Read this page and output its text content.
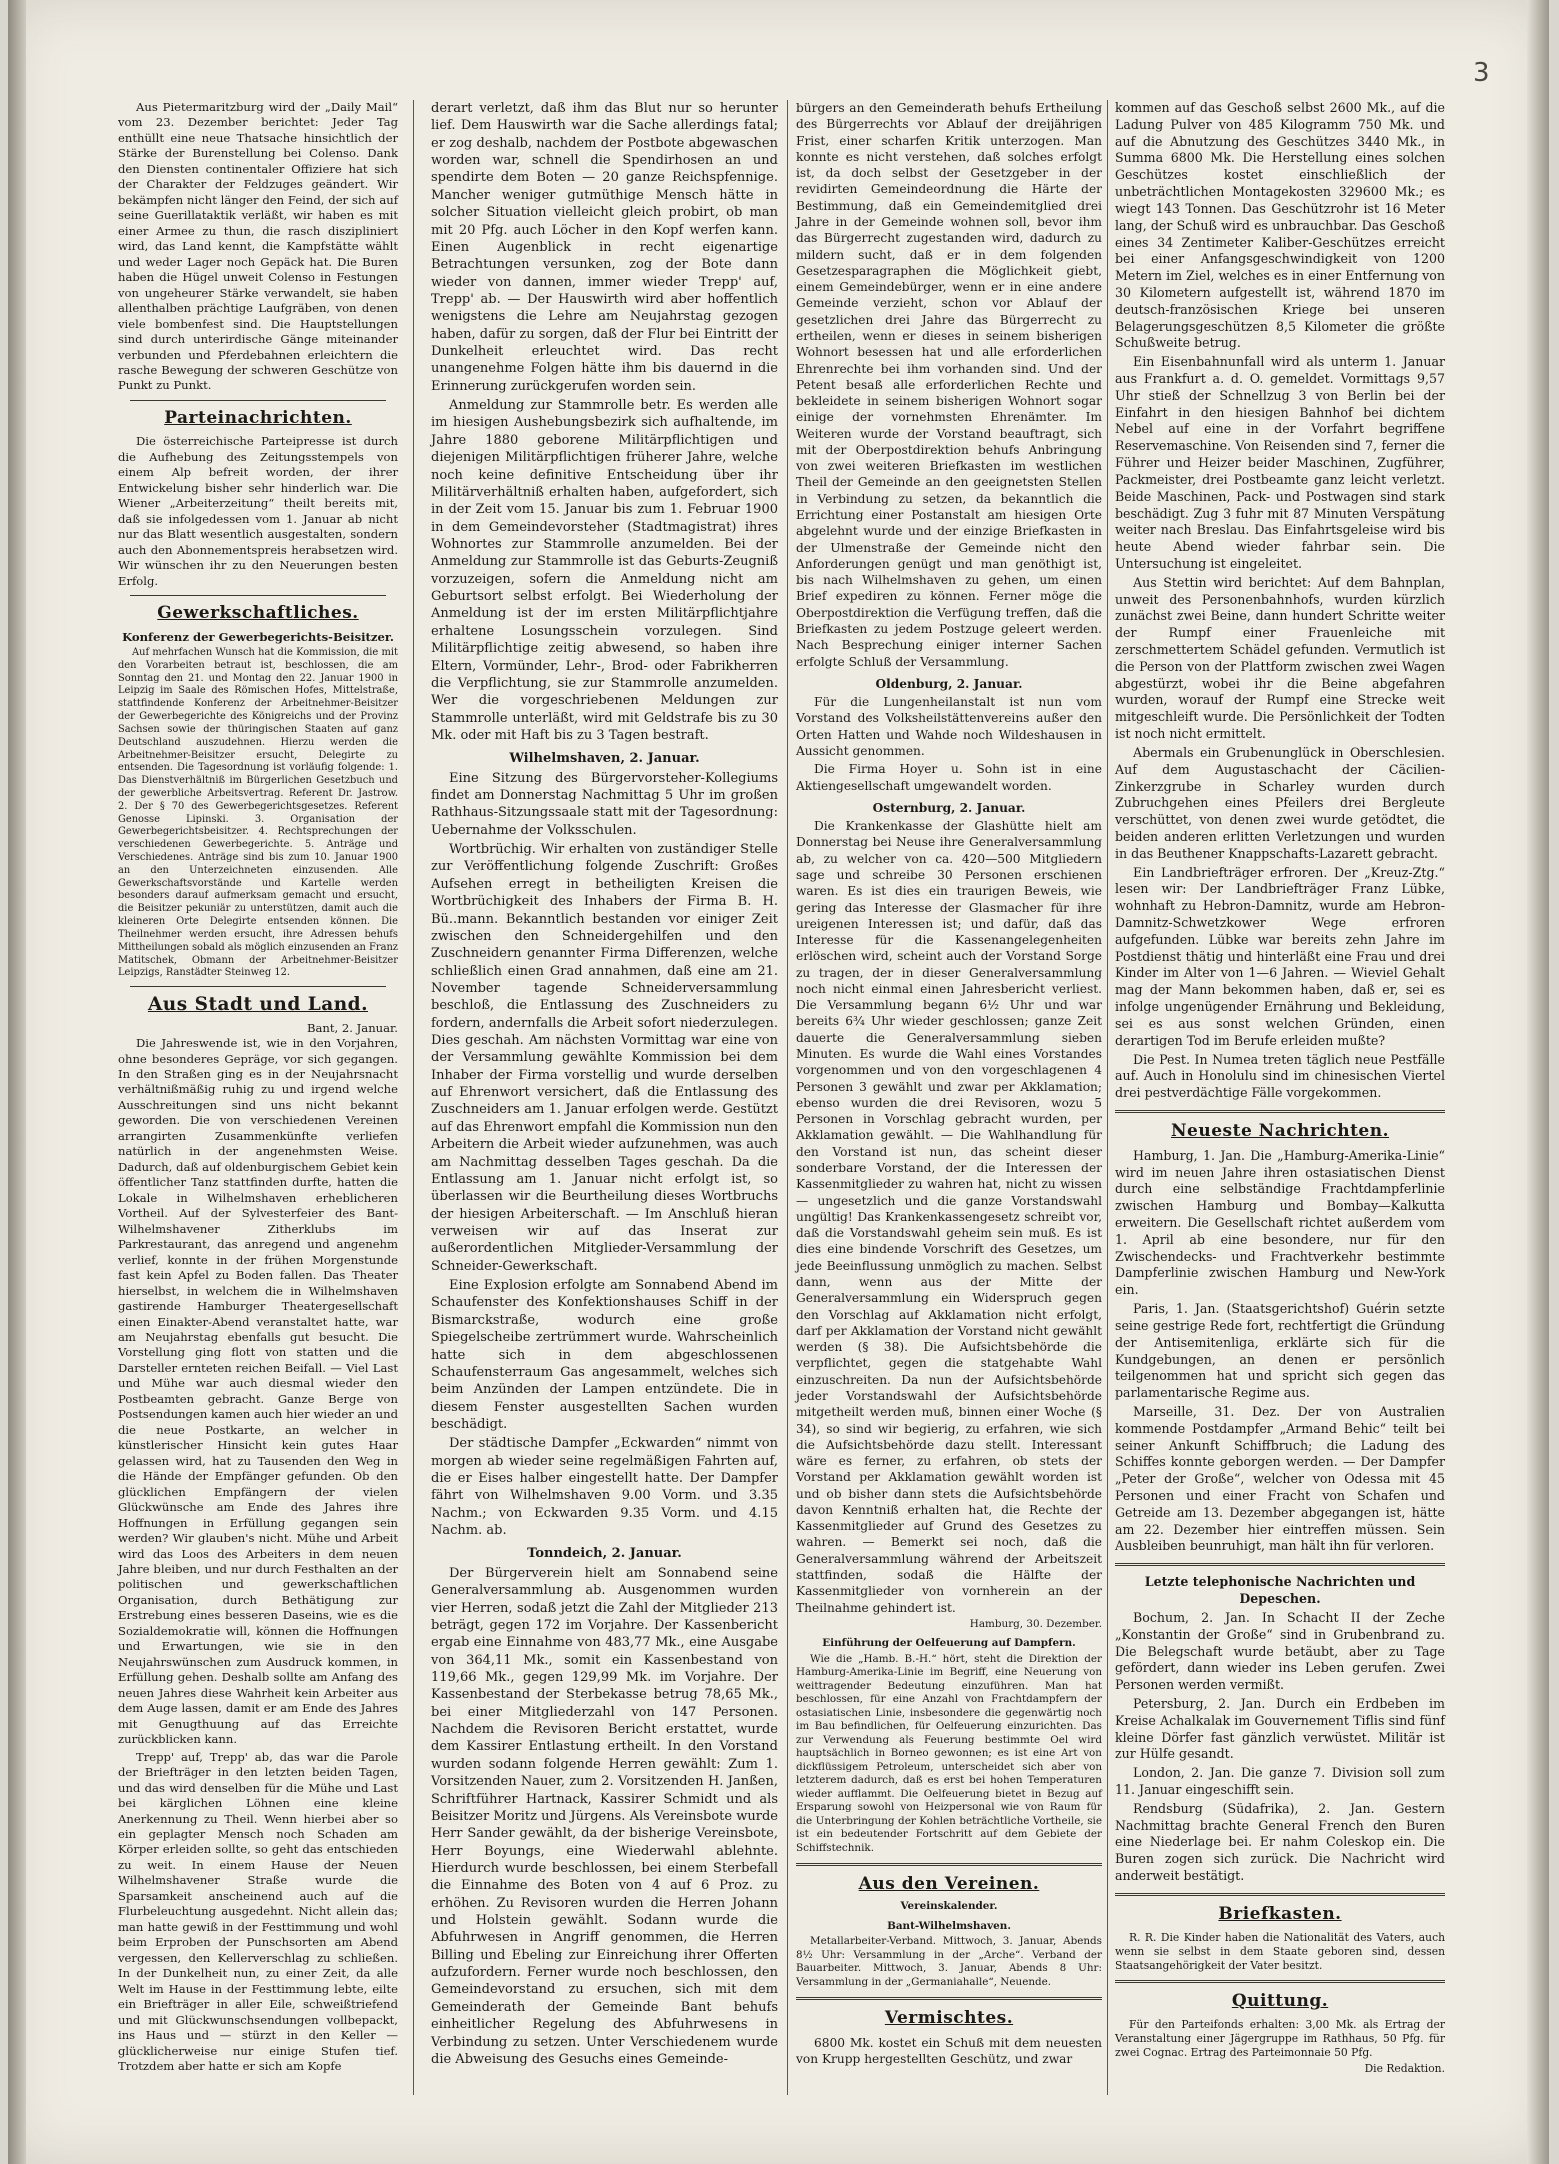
3

Aus Pietermaritzburg wird der „Daily Mail“ vom 23. Dezember berichtet: Jeder Tag enthüllt eine neue Thatsache hinsichtlich der Stärke der Burenstellung bei Colenso. Dank den Diensten continentaler Offiziere hat sich der Charakter der Feldzuges geändert. Wir bekämpfen nicht länger den Feind, der sich auf seine Guerillataktik verläßt, wir haben es mit einer Armee zu thun, die rasch diszipliniert wird, das Land kennt, die Kampfstätte wählt und weder Lager noch Gepäck hat. Die Buren haben die Hügel unweit Colenso in Festungen von ungeheurer Stärke verwandelt, sie haben allenthalben prächtige Laufgräben, von denen viele bombenfest sind. Die Hauptstellungen sind durch unterirdische Gänge miteinander verbunden und Pferdebahnen erleichtern die rasche Bewegung der schweren Geschütze von Punkt zu Punkt.

Parteinachrichten.

Die österreichische Parteipresse ist durch die Aufhebung des Zeitungsstempels von einem Alp befreit worden, der ihrer Entwickelung bisher sehr hinderlich war. Die Wiener „Arbeiterzeitung“ theilt bereits mit, daß sie infolgedessen vom 1. Januar ab nicht nur das Blatt wesentlich ausgestalten, sondern auch den Abonnementspreis herabsetzen wird. Wir wünschen ihr zu den Neuerungen besten Erfolg.

Gewerkschaftliches.
Konferenz der Gewerbegerichts-Beisitzer.

Auf mehrfachen Wunsch hat die Kommission, die mit den Vorarbeiten betraut ist, beschlossen, die am Sonntag den 21. und Montag den 22. Januar 1900 in Leipzig im Saale des Römischen Hofes, Mittelstraße, stattfindende Konferenz der Arbeitnehmer-Beisitzer der Gewerbegerichte des Königreichs und der Provinz Sachsen sowie der thüringischen Staaten auf ganz Deutschland auszudehnen. Hierzu werden die Arbeitnehmer-Beisitzer ersucht, Delegirte zu entsenden. Die Tagesordnung ist vorläufig folgende: 1. Das Dienstverhältniß im Bürgerlichen Gesetzbuch und der gewerbliche Arbeitsvertrag. Referent Dr. Jastrow. 2. Der § 70 des Gewerbegerichtsgesetzes. Referent Genosse Lipinski. 3. Organisation der Gewerbegerichtsbeisitzer. 4. Rechtsprechungen der verschiedenen Gewerbegerichte. 5. Anträge und Verschiedenes. Anträge sind bis zum 10. Januar 1900 an den Unterzeichneten einzusenden. Alle Gewerkschaftsvorstände und Kartelle werden besonders darauf aufmerksam gemacht und ersucht, die Beisitzer pekuniär zu unterstützen, damit auch die kleineren Orte Delegirte entsenden können. Die Theilnehmer werden ersucht, ihre Adressen behufs Mittheilungen sobald als möglich einzusenden an Franz Matitschek, Obmann der Arbeitnehmer-Beisitzer Leipzigs, Ranstädter Steinweg 12.

Aus Stadt und Land.
Bant, 2. Januar.

Die Jahreswende ist, wie in den Vorjahren, ohne besonderes Gepräge, vor sich gegangen. In den Straßen ging es in der Neujahrsnacht verhältnißmäßig ruhig zu und irgend welche Ausschreitungen sind uns nicht bekannt geworden. Die von verschiedenen Vereinen arrangirten Zusammenkünfte verliefen natürlich in der angenehmsten Weise. Dadurch, daß auf oldenburgischem Gebiet kein öffentlicher Tanz stattfinden durfte, hatten die Lokale in Wilhelmshaven erheblicheren Vortheil. Auf der Sylvesterfeier des Bant-Wilhelmshavener Zitherklubs im Parkrestaurant, das anregend und angenehm verlief, konnte in der frühen Morgenstunde fast kein Apfel zu Boden fallen. Das Theater hierselbst, in welchem die in Wilhelmshaven gastirende Hamburger Theatergesellschaft einen Einakter-Abend veranstaltet hatte, war am Neujahrstag ebenfalls gut besucht. Die Vorstellung ging flott von statten und die Darsteller ernteten reichen Beifall. — Viel Last und Mühe war auch diesmal wieder den Postbeamten gebracht. Ganze Berge von Postsendungen kamen auch hier wieder an und die neue Postkarte, an welcher in künstlerischer Hinsicht kein gutes Haar gelassen wird, hat zu Tausenden den Weg in die Hände der Empfänger gefunden. Ob den glücklichen Empfängern der vielen Glückwünsche am Ende des Jahres ihre Hoffnungen in Erfüllung gegangen sein werden? Wir glauben's nicht. Mühe und Arbeit wird das Loos des Arbeiters in dem neuen Jahre bleiben, und nur durch Festhalten an der politischen und gewerkschaftlichen Organisation, durch Bethätigung zur Erstrebung eines besseren Daseins, wie es die Sozialdemokratie will, können die Hoffnungen und Erwartungen, wie sie in den Neujahrswünschen zum Ausdruck kommen, in Erfüllung gehen. Deshalb sollte am Anfang des neuen Jahres diese Wahrheit kein Arbeiter aus dem Auge lassen, damit er am Ende des Jahres mit Genugthuung auf das Erreichte zurückblicken kann.

Trepp' auf, Trepp' ab, das war die Parole der Briefträger in den letzten beiden Tagen, und das wird denselben für die Mühe und Last bei kärglichen Löhnen eine kleine Anerkennung zu Theil. Wenn hierbei aber so ein geplagter Mensch noch Schaden am Körper erleiden sollte, so geht das entschieden zu weit. In einem Hause der Neuen Wilhelmshavener Straße wurde die Sparsamkeit anscheinend auch auf die Flurbeleuchtung ausgedehnt. Nicht allein das; man hatte gewiß in der Festtimmung und wohl beim Erproben der Punschsorten am Abend vergessen, den Kellerverschlag zu schließen. In der Dunkelheit nun, zu einer Zeit, da alle Welt im Hause in der Festtimmung lebte, eilte ein Briefträger in aller Eile, schweißtriefend und mit Glückwunschsendungen vollbepackt, ins Haus und — stürzt in den Keller — glücklicherweise nur einige Stufen tief. Trotzdem aber hatte er sich am Kopfe

derart verletzt, daß ihm das Blut nur so herunter lief. Dem Hauswirth war die Sache allerdings fatal; er zog deshalb, nachdem der Postbote abgewaschen worden war, schnell die Spendirhosen an und spendirte dem Boten — 20 ganze Reichspfennige. Mancher weniger gutmüthige Mensch hätte in solcher Situation vielleicht gleich probirt, ob man mit 20 Pfg. auch Löcher in den Kopf werfen kann. Einen Augenblick in recht eigenartige Betrachtungen versunken, zog der Bote dann wieder von dannen, immer wieder Trepp' auf, Trepp' ab. — Der Hauswirth wird aber hoffentlich wenigstens die Lehre am Neujahrstag gezogen haben, dafür zu sorgen, daß der Flur bei Eintritt der Dunkelheit erleuchtet wird. Das recht unangenehme Folgen hätte ihm bis dauernd in die Erinnerung zurückgerufen worden sein.

Anmeldung zur Stammrolle betr. Es werden alle im hiesigen Aushebungsbezirk sich aufhaltende, im Jahre 1880 geborene Militärpflichtigen und diejenigen Militärpflichtigen früherer Jahre, welche noch keine definitive Entscheidung über ihr Militärverhältniß erhalten haben, aufgefordert, sich in der Zeit vom 15. Januar bis zum 1. Februar 1900 in dem Gemeindevorsteher (Stadtmagistrat) ihres Wohnortes zur Stammrolle anzumelden. Bei der Anmeldung zur Stammrolle ist das Geburts-Zeugniß vorzuzeigen, sofern die Anmeldung nicht am Geburtsort selbst erfolgt. Bei Wiederholung der Anmeldung ist der im ersten Militärpflichtjahre erhaltene Losungsschein vorzulegen. Sind Militärpflichtige zeitig abwesend, so haben ihre Eltern, Vormünder, Lehr-, Brod- oder Fabrikherren die Verpflichtung, sie zur Stammrolle anzumelden. Wer die vorgeschriebenen Meldungen zur Stammrolle unterläßt, wird mit Geldstrafe bis zu 30 Mk. oder mit Haft bis zu 3 Tagen bestraft.

Wilhelmshaven, 2. Januar.

Eine Sitzung des Bürgervorsteher-Kollegiums findet am Donnerstag Nachmittag 5 Uhr im großen Rathhaus-Sitzungssaale statt mit der Tagesordnung: Uebernahme der Volksschulen.

Wortbrüchig. Wir erhalten von zuständiger Stelle zur Veröffentlichung folgende Zuschrift: Großes Aufsehen erregt in betheiligten Kreisen die Wortbrüchigkeit des Inhabers der Firma B. H. Bü..mann. Bekanntlich bestanden vor einiger Zeit zwischen den Schneidergehilfen und den Zuschneidern genannter Firma Differenzen, welche schließlich einen Grad annahmen, daß eine am 21. November tagende Schneiderversammlung beschloß, die Entlassung des Zuschneiders zu fordern, andernfalls die Arbeit sofort niederzulegen. Dies geschah. Am nächsten Vormittag war eine von der Versammlung gewählte Kommission bei dem Inhaber der Firma vorstellig und wurde derselben auf Ehrenwort versichert, daß die Entlassung des Zuschneiders am 1. Januar erfolgen werde. Gestützt auf das Ehrenwort empfahl die Kommission nun den Arbeitern die Arbeit wieder aufzunehmen, was auch am Nachmittag desselben Tages geschah. Da die Entlassung am 1. Januar nicht erfolgt ist, so überlassen wir die Beurtheilung dieses Wortbruchs der hiesigen Arbeiterschaft. — Im Anschluß hieran verweisen wir auf das Inserat zur außerordentlichen Mitglieder-Versammlung der Schneider-Gewerkschaft.

Eine Explosion erfolgte am Sonnabend Abend im Schaufenster des Konfektionshauses Schiff in der Bismarckstraße, wodurch eine große Spiegelscheibe zertrümmert wurde. Wahrscheinlich hatte sich in dem abgeschlossenen Schaufensterraum Gas angesammelt, welches sich beim Anzünden der Lampen entzündete. Die in diesem Fenster ausgestellten Sachen wurden beschädigt.

Der städtische Dampfer „Eckwarden“ nimmt von morgen ab wieder seine regelmäßigen Fahrten auf, die er Eises halber eingestellt hatte. Der Dampfer fährt von Wilhelmshaven 9.00 Vorm. und 3.35 Nachm.; von Eckwarden 9.35 Vorm. und 4.15 Nachm. ab.

Tonndeich, 2. Januar.

Der Bürgerverein hielt am Sonnabend seine Generalversammlung ab. Ausgenommen wurden vier Herren, sodaß jetzt die Zahl der Mitglieder 213 beträgt, gegen 172 im Vorjahre. Der Kassenbericht ergab eine Einnahme von 483,77 Mk., eine Ausgabe von 364,11 Mk., somit ein Kassenbestand von 119,66 Mk., gegen 129,99 Mk. im Vorjahre. Der Kassenbestand der Sterbekasse betrug 78,65 Mk., bei einer Mitgliederzahl von 147 Personen. Nachdem die Revisoren Bericht erstattet, wurde dem Kassirer Entlastung ertheilt. In den Vorstand wurden sodann folgende Herren gewählt: Zum 1. Vorsitzenden Nauer, zum 2. Vorsitzenden H. Janßen, Schriftführer Hartnack, Kassirer Schmidt und als Beisitzer Moritz und Jürgens. Als Vereinsbote wurde Herr Sander gewählt, da der bisherige Vereinsbote, Herr Boyungs, eine Wiederwahl ablehnte. Hierdurch wurde beschlossen, bei einem Sterbefall die Einnahme des Boten von 4 auf 6 Proz. zu erhöhen. Zu Revisoren wurden die Herren Johann und Holstein gewählt. Sodann wurde die Abfuhrwesen in Angriff genommen, die Herren Billing und Ebeling zur Einreichung ihrer Offerten aufzufordern. Ferner wurde noch beschlossen, den Gemeindevorstand zu ersuchen, sich mit dem Gemeinderath der Gemeinde Bant behufs einheitlicher Regelung des Abfuhrwesens in Verbindung zu setzen. Unter Verschiedenem wurde die Abweisung des Gesuchs eines Gemeinde-

bürgers an den Gemeinderath behufs Ertheilung des Bürgerrechts vor Ablauf der dreijährigen Frist, einer scharfen Kritik unterzogen. Man konnte es nicht verstehen, daß solches erfolgt ist, da doch selbst der Gesetzgeber in der revidirten Gemeindeordnung die Härte der Bestimmung, daß ein Gemeindemitglied drei Jahre in der Gemeinde wohnen soll, bevor ihm das Bürgerrecht zugestanden wird, dadurch zu mildern sucht, daß er in dem folgenden Gesetzesparagraphen die Möglichkeit giebt, einem Gemeindebürger, wenn er in eine andere Gemeinde verzieht, schon vor Ablauf der gesetzlichen drei Jahre das Bürgerrecht zu ertheilen, wenn er dieses in seinem bisherigen Wohnort besessen hat und alle erforderlichen Ehrenrechte bei ihm vorhanden sind. Und der Petent besaß alle erforderlichen Rechte und bekleidete in seinem bisherigen Wohnort sogar einige der vornehmsten Ehrenämter. Im Weiteren wurde der Vorstand beauftragt, sich mit der Oberpostdirektion behufs Anbringung von zwei weiteren Briefkasten im westlichen Theil der Gemeinde an den geeignetsten Stellen in Verbindung zu setzen, da bekanntlich die Errichtung einer Postanstalt am hiesigen Orte abgelehnt wurde und der einzige Briefkasten in der Ulmenstraße der Gemeinde nicht den Anforderungen genügt und man genöthigt ist, bis nach Wilhelmshaven zu gehen, um einen Brief expediren zu können. Ferner möge die Oberpostdirektion die Verfügung treffen, daß die Briefkasten zu jedem Postzuge geleert werden. Nach Besprechung einiger interner Sachen erfolgte Schluß der Versammlung.

Oldenburg, 2. Januar.

Für die Lungenheilanstalt ist nun vom Vorstand des Volksheilstättenvereins außer den Orten Hatten und Wahde noch Wildeshausen in Aussicht genommen.

Die Firma Hoyer u. Sohn ist in eine Aktiengesellschaft umgewandelt worden.

Osternburg, 2. Januar.

Die Krankenkasse der Glashütte hielt am Donnerstag bei Neuse ihre Generalversammlung ab, zu welcher von ca. 420—500 Mitgliedern sage und schreibe 30 Personen erschienen waren. Es ist dies ein traurigen Beweis, wie gering das Interesse der Glasmacher für ihre ureigenen Interessen ist; und dafür, daß das Interesse für die Kassenangelegenheiten erlöschen wird, scheint auch der Vorstand Sorge zu tragen, der in dieser Generalversammlung noch nicht einmal einen Jahresbericht verliest. Die Versammlung begann 6½ Uhr und war bereits 6¾ Uhr wieder geschlossen; ganze Zeit dauerte die Generalversammlung sieben Minuten. Es wurde die Wahl eines Vorstandes vorgenommen und von den vorgeschlagenen 4 Personen 3 gewählt und zwar per Akklamation; ebenso wurden die drei Revisoren, wozu 5 Personen in Vorschlag gebracht wurden, per Akklamation gewählt. — Die Wahlhandlung für den Vorstand ist nun, das scheint dieser sonderbare Vorstand, der die Interessen der Kassenmitglieder zu wahren hat, nicht zu wissen — ungesetzlich und die ganze Vorstandswahl ungültig! Das Krankenkassengesetz schreibt vor, daß die Vorstandswahl geheim sein muß. Es ist dies eine bindende Vorschrift des Gesetzes, um jede Beeinflussung unmöglich zu machen. Selbst dann, wenn aus der Mitte der Generalversammlung ein Widerspruch gegen den Vorschlag auf Akklamation nicht erfolgt, darf per Akklamation der Vorstand nicht gewählt werden (§ 38). Die Aufsichtsbehörde die verpflichtet, gegen die statgehabte Wahl einzuschreiten. Da nun der Aufsichtsbehörde jeder Vorstandswahl der Aufsichtsbehörde mitgetheilt werden muß, binnen einer Woche (§ 34), so sind wir begierig, zu erfahren, wie sich die Aufsichtsbehörde dazu stellt. Interessant wäre es ferner, zu erfahren, ob stets der Vorstand per Akklamation gewählt worden ist und ob bisher dann stets die Aufsichtsbehörde davon Kenntniß erhalten hat, die Rechte der Kassenmitglieder auf Grund des Gesetzes zu wahren. — Bemerkt sei noch, daß die Generalversammlung während der Arbeitszeit stattfinden, sodaß die Hälfte der Kassenmitglieder von vornherein an der Theilnahme gehindert ist.

Hamburg, 30. Dezember.
Einführung der Oelfeuerung auf Dampfern.

Wie die „Hamb. B.-H.“ hört, steht die Direktion der Hamburg-Amerika-Linie im Begriff, eine Neuerung von weittragender Bedeutung einzuführen. Man hat beschlossen, für eine Anzahl von Frachtdampfern der ostasiatischen Linie, insbesondere die gegenwärtig noch im Bau befindlichen, für Oelfeuerung einzurichten. Das zur Verwendung als Feuerung bestimmte Oel wird hauptsächlich in Borneo gewonnen; es ist eine Art von dickflüssigem Petroleum, unterscheidet sich aber von letzterem dadurch, daß es erst bei hohen Temperaturen wieder aufflammt. Die Oelfeuerung bietet in Bezug auf Ersparung sowohl von Heizpersonal wie von Raum für die Unterbringung der Kohlen beträchtliche Vortheile, sie ist ein bedeutender Fortschritt auf dem Gebiete der Schiffstechnik.

Aus den Vereinen.
Vereinskalender.
Bant-Wilhelmshaven.

Metallarbeiter-Verband. Mittwoch, 3. Januar, Abends 8½ Uhr: Versammlung in der „Arche“. Verband der Bauarbeiter. Mittwoch, 3. Januar, Abends 8 Uhr: Versammlung in der „Germaniahalle“, Neuende.

Vermischtes.

6800 Mk. kostet ein Schuß mit dem neuesten von Krupp hergestellten Geschütz, und zwar

kommen auf das Geschoß selbst 2600 Mk., auf die Ladung Pulver von 485 Kilogramm 750 Mk. und auf die Abnutzung des Geschützes 3440 Mk., in Summa 6800 Mk. Die Herstellung eines solchen Geschützes kostet einschließlich der unbeträchtlichen Montagekosten 329600 Mk.; es wiegt 143 Tonnen. Das Geschützrohr ist 16 Meter lang, der Schuß wird es unbrauchbar. Das Geschoß eines 34 Zentimeter Kaliber-Geschützes erreicht bei einer Anfangsgeschwindigkeit von 1200 Metern im Ziel, welches es in einer Entfernung von 30 Kilometern aufgestellt ist, während 1870 im deutsch-französischen Kriege bei unseren Belagerungsgeschützen 8,5 Kilometer die größte Schußweite betrug.

Ein Eisenbahnunfall wird als unterm 1. Januar aus Frankfurt a. d. O. gemeldet. Vormittags 9,57 Uhr stieß der Schnellzug 3 von Berlin bei der Einfahrt in den hiesigen Bahnhof bei dichtem Nebel auf eine in der Vorfahrt begriffene Reservemaschine. Von Reisenden sind 7, ferner die Führer und Heizer beider Maschinen, Zugführer, Packmeister, drei Postbeamte ganz leicht verletzt. Beide Maschinen, Pack- und Postwagen sind stark beschädigt. Zug 3 fuhr mit 87 Minuten Verspätung weiter nach Breslau. Das Einfahrtsgeleise wird bis heute Abend wieder fahrbar sein. Die Untersuchung ist eingeleitet.

Aus Stettin wird berichtet: Auf dem Bahnplan, unweit des Personenbahnhofs, wurden kürzlich zunächst zwei Beine, dann hundert Schritte weiter der Rumpf einer Frauenleiche mit zerschmettertem Schädel gefunden. Vermutlich ist die Person von der Plattform zwischen zwei Wagen abgestürzt, wobei ihr die Beine abgefahren wurden, worauf der Rumpf eine Strecke weit mitgeschleift wurde. Die Persönlichkeit der Todten ist noch nicht ermittelt.

Abermals ein Grubenunglück in Oberschlesien. Auf dem Augustaschacht der Cäcilien-Zinkerzgrube in Scharley wurden durch Zubruchgehen eines Pfeilers drei Bergleute verschüttet, von denen zwei wurde getödtet, die beiden anderen erlitten Verletzungen und wurden in das Beuthener Knappschafts-Lazarett gebracht.

Ein Landbriefträger erfroren. Der „Kreuz-Ztg.“ lesen wir: Der Landbriefträger Franz Lübke, wohnhaft zu Hebron-Damnitz, wurde am Hebron-Damnitz-Schwetzkower Wege erfroren aufgefunden. Lübke war bereits zehn Jahre im Postdienst thätig und hinterläßt eine Frau und drei Kinder im Alter von 1—6 Jahren. — Wieviel Gehalt mag der Mann bekommen haben, daß er, sei es infolge ungenügender Ernährung und Bekleidung, sei es aus sonst welchen Gründen, einen derartigen Tod im Berufe erleiden mußte?

Die Pest. In Numea treten täglich neue Pestfälle auf. Auch in Honolulu sind im chinesischen Viertel drei pestverdächtige Fälle vorgekommen.

Neueste Nachrichten.

Hamburg, 1. Jan. Die „Hamburg-Amerika-Linie“ wird im neuen Jahre ihren ostasiatischen Dienst durch eine selbständige Frachtdampferlinie zwischen Hamburg und Bombay—Kalkutta erweitern. Die Gesellschaft richtet außerdem vom 1. April ab eine besondere, nur für den Zwischendecks- und Frachtverkehr bestimmte Dampferlinie zwischen Hamburg und New-York ein.

Paris, 1. Jan. (Staatsgerichtshof) Guérin setzte seine gestrige Rede fort, rechtfertigt die Gründung der Antisemitenliga, erklärte sich für die Kundgebungen, an denen er persönlich teilgenommen hat und spricht sich gegen das parlamentarische Regime aus.

Marseille, 31. Dez. Der von Australien kommende Postdampfer „Armand Behic“ teilt bei seiner Ankunft Schiffbruch; die Ladung des Schiffes konnte geborgen werden. — Der Dampfer „Peter der Große“, welcher von Odessa mit 45 Personen und einer Fracht von Schafen und Getreide am 13. Dezember abgegangen ist, hätte am 22. Dezember hier eintreffen müssen. Sein Ausbleiben beunruhigt, man hält ihn für verloren.

Letzte telephonische Nachrichten und Depeschen.

Bochum, 2. Jan. In Schacht II der Zeche „Konstantin der Große“ sind in Grubenbrand zu. Die Belegschaft wurde betäubt, aber zu Tage gefördert, dann wieder ins Leben gerufen. Zwei Personen werden vermißt.

Petersburg, 2. Jan. Durch ein Erdbeben im Kreise Achalkalak im Gouvernement Tiflis sind fünf kleine Dörfer fast gänzlich verwüstet. Militär ist zur Hülfe gesandt.

London, 2. Jan. Die ganze 7. Division soll zum 11. Januar eingeschifft sein.

Rendsburg (Südafrika), 2. Jan. Gestern Nachmittag brachte General French den Buren eine Niederlage bei. Er nahm Coleskop ein. Die Buren zogen sich zurück. Die Nachricht wird anderweit bestätigt.

Briefkasten.

R. R. Die Kinder haben die Nationalität des Vaters, auch wenn sie selbst in dem Staate geboren sind, dessen Staatsangehörigkeit der Vater besitzt.

Quittung.

Für den Parteifonds erhalten: 3,00 Mk. als Ertrag der Veranstaltung einer Jägergruppe im Rathhaus, 50 Pfg. für zwei Cognac. Ertrag des Parteimonnaie 50 Pfg.

Die Redaktion.
